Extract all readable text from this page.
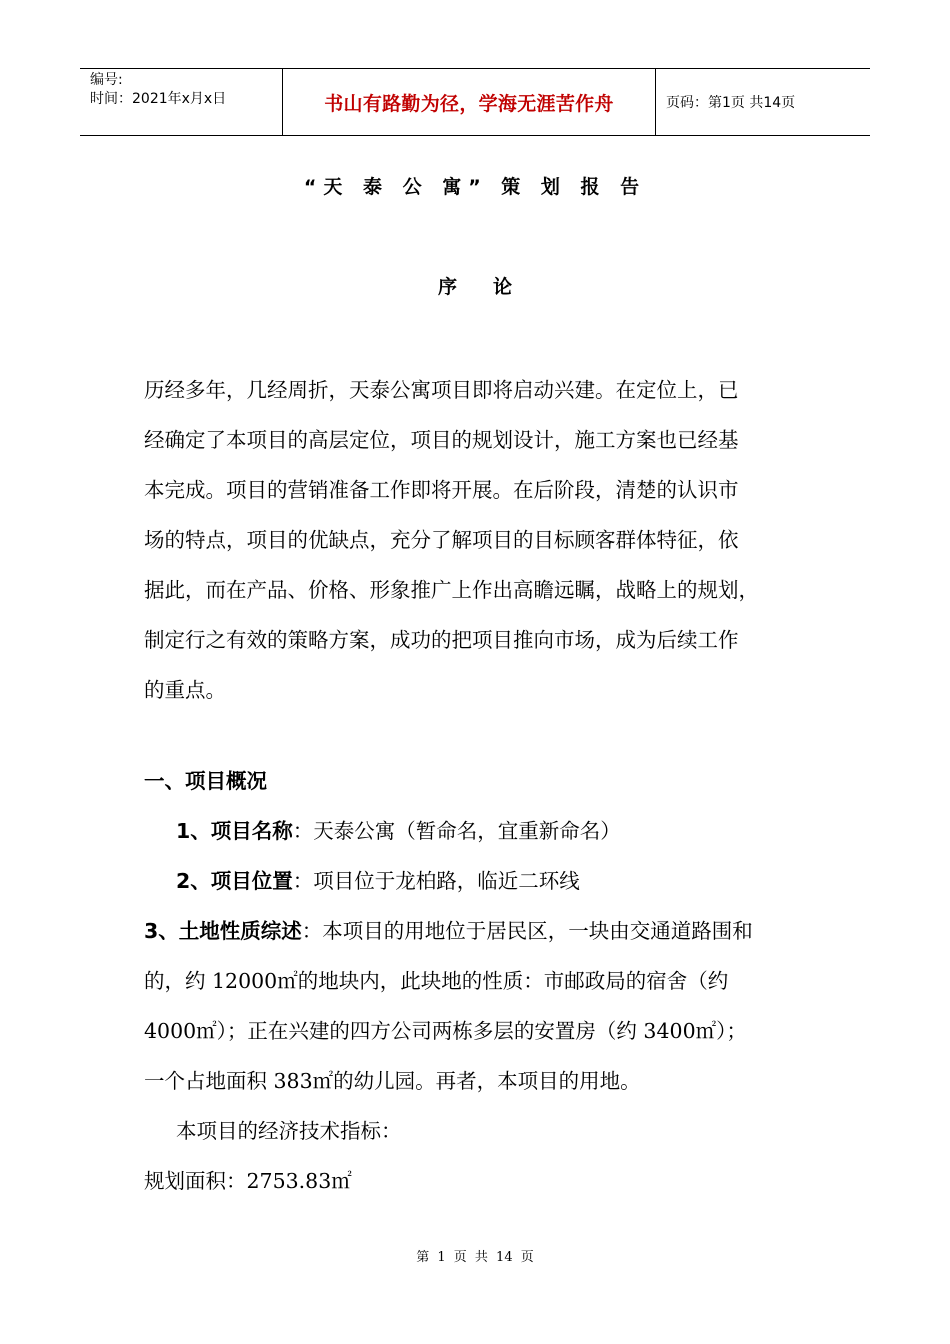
编号:
时间：2021年x月x日	书山有路勤为径，学海无涯苦作舟	页码：第1页 共14页
“天 泰 公 寓” 策 划 报 告
序论
历经多年，几经周折，天泰公寓项目即将启动兴建。在定位上，已
经确定了本项目的高层定位，项目的规划设计，施工方案也已经基
本完成。项目的营销准备工作即将开展。在后阶段，清楚的认识市
场的特点，项目的优缺点，充分了解项目的目标顾客群体特征，依
据此，而在产品、价格、形象推广上作出高瞻远瞩，战略上的规划，
制定行之有效的策略方案，成功的把项目推向市场，成为后续工作
的重点。
一、项目概况
1、项目名称：天泰公寓（暂命名，宜重新命名）
2、项目位置：项目位于龙柏路，临近二环线
3、土地性质综述：本项目的用地位于居民区，一块由交通道路围和
的，约 12000㎡的地块内，此块地的性质：市邮政局的宿舍（约
4000㎡）；正在兴建的四方公司两栋多层的安置房（约 3400㎡）；
一个占地面积 383㎡的幼儿园。再者，本项目的用地。
本项目的经济技术指标：
规划面积：2753.83㎡
第 1 页 共 14 页
